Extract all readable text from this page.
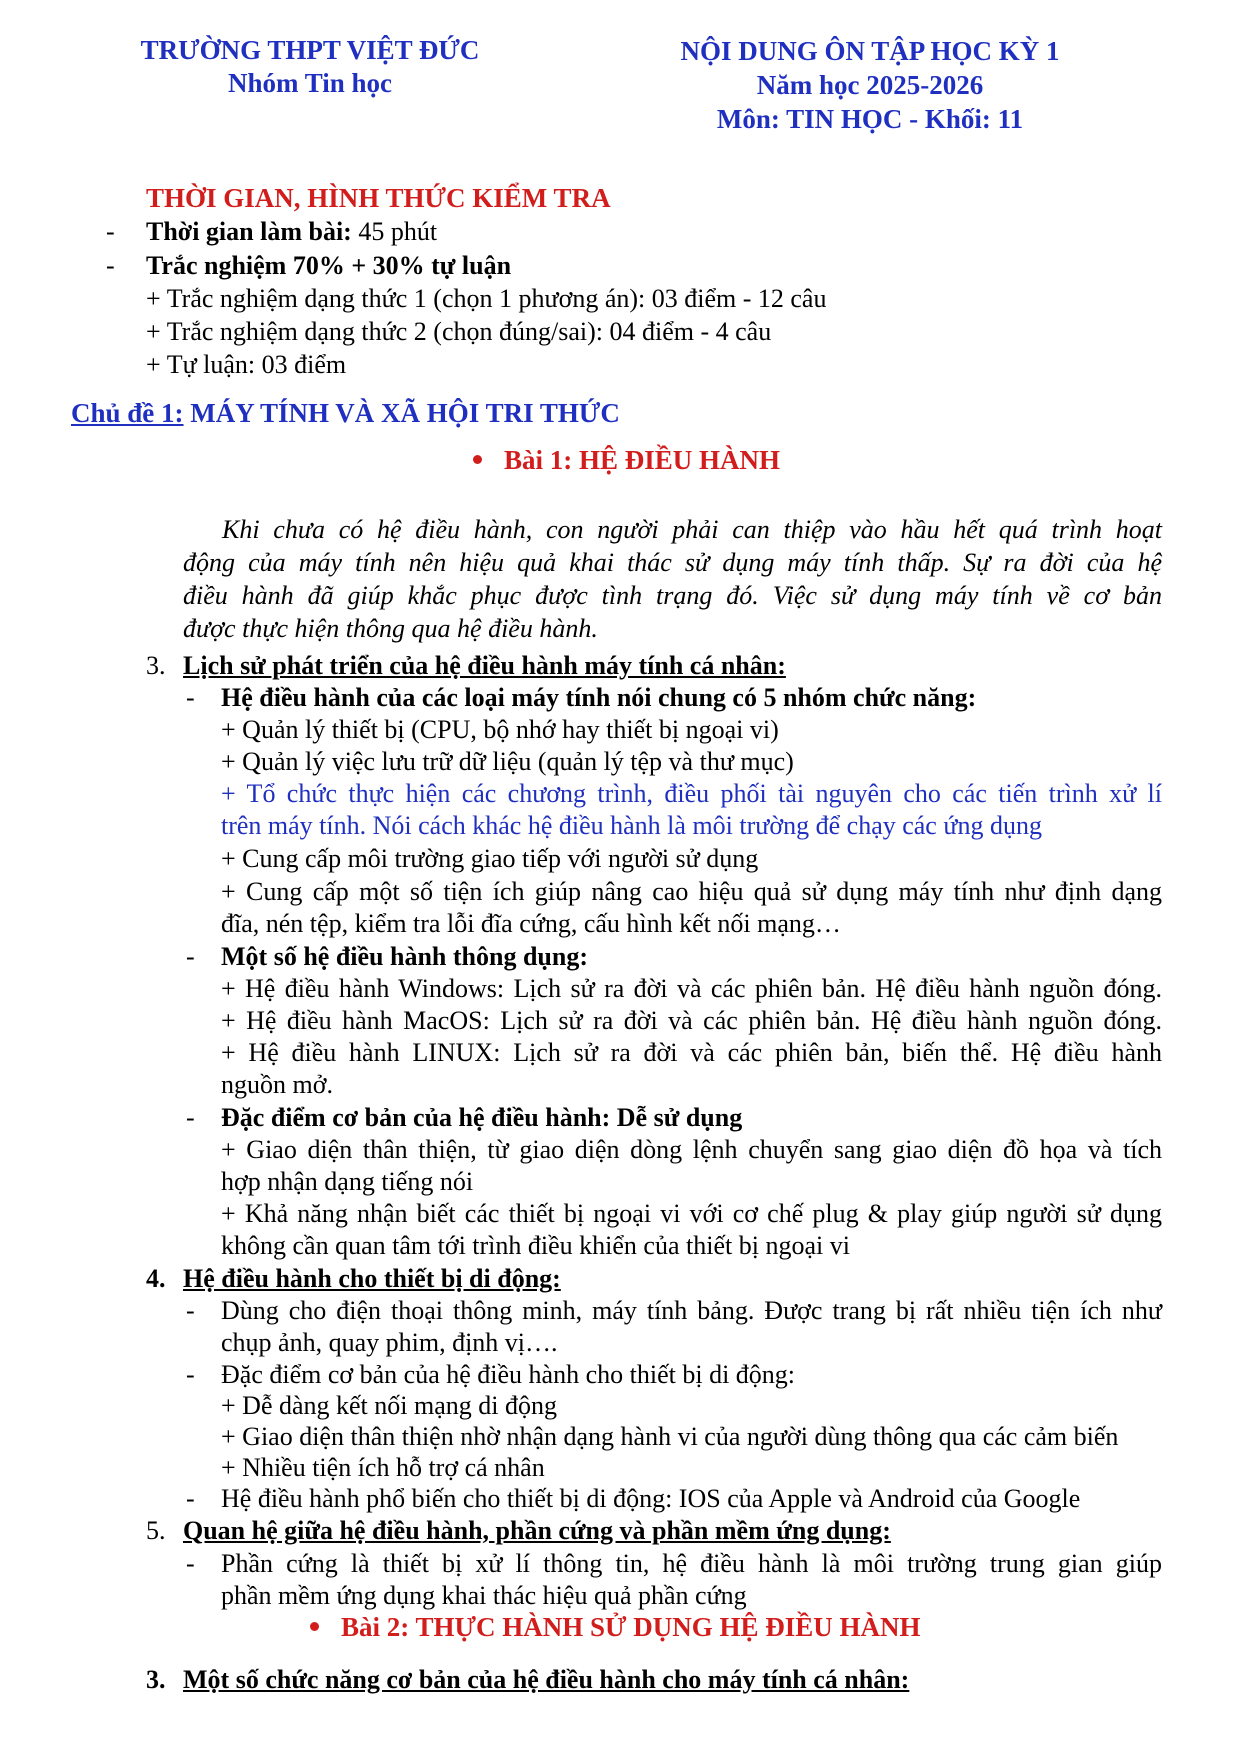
TRƯỜNG THPT VIỆT ĐỨC
Nhóm Tin học
NỘI DUNG ÔN TẬP HỌC KỲ 1
Năm học 2025-2026
Môn: TIN HỌC - Khối: 11
THỜI GIAN, HÌNH THỨC KIỂM TRA
- Thời gian làm bài: 45 phút
- Trắc nghiệm 70% + 30% tự luận
+ Trắc nghiệm dạng thức 1 (chọn 1 phương án): 03 điểm - 12 câu
+ Trắc nghiệm dạng thức 2 (chọn đúng/sai): 04 điểm - 4 câu
+ Tự luận: 03 điểm
Chủ đề 1: MÁY TÍNH VÀ XÃ HỘI TRI THỨC
Bài 1: HỆ ĐIỀU HÀNH
Khi chưa có hệ điều hành, con người phải can thiệp vào hầu hết quá trình hoạt
động của máy tính nên hiệu quả khai thác sử dụng máy tính thấp. Sự ra đời của hệ
điều hành đã giúp khắc phục được tình trạng đó. Việc sử dụng máy tính về cơ bản
được thực hiện thông qua hệ điều hành.
3. Lịch sử phát triển của hệ điều hành máy tính cá nhân:
- Hệ điều hành của các loại máy tính nói chung có 5 nhóm chức năng:
+ Quản lý thiết bị (CPU, bộ nhớ hay thiết bị ngoại vi)
+ Quản lý việc lưu trữ dữ liệu (quản lý tệp và thư mục)
+ Tổ chức thực hiện các chương trình, điều phối tài nguyên cho các tiến trình xử lí
trên máy tính. Nói cách khác hệ điều hành là môi trường để chạy các ứng dụng
+ Cung cấp môi trường giao tiếp với người sử dụng
+ Cung cấp một số tiện ích giúp nâng cao hiệu quả sử dụng máy tính như định dạng
đĩa, nén tệp, kiểm tra lỗi đĩa cứng, cấu hình kết nối mạng…
- Một số hệ điều hành thông dụng:
+ Hệ điều hành Windows: Lịch sử ra đời và các phiên bản. Hệ điều hành nguồn đóng.
+ Hệ điều hành MacOS: Lịch sử ra đời và các phiên bản. Hệ điều hành nguồn đóng.
+ Hệ điều hành LINUX: Lịch sử ra đời và các phiên bản, biến thể. Hệ điều hành
nguồn mở.
- Đặc điểm cơ bản của hệ điều hành: Dễ sử dụng
+ Giao diện thân thiện, từ giao diện dòng lệnh chuyển sang giao diện đồ họa và tích
hợp nhận dạng tiếng nói
+ Khả năng nhận biết các thiết bị ngoại vi với cơ chế plug & play giúp người sử dụng
không cần quan tâm tới trình điều khiển của thiết bị ngoại vi
4. Hệ điều hành cho thiết bị di động:
- Dùng cho điện thoại thông minh, máy tính bảng. Được trang bị rất nhiều tiện ích như
chụp ảnh, quay phim, định vị….
- Đặc điểm cơ bản của hệ điều hành cho thiết bị di động:
+ Dễ dàng kết nối mạng di động
+ Giao diện thân thiện nhờ nhận dạng hành vi của người dùng thông qua các cảm biến
+ Nhiều tiện ích hỗ trợ cá nhân
- Hệ điều hành phổ biến cho thiết bị di động: IOS của Apple và Android của Google
5. Quan hệ giữa hệ điều hành, phần cứng và phần mềm ứng dụng:
- Phần cứng là thiết bị xử lí thông tin, hệ điều hành là môi trường trung gian giúp
phần mềm ứng dụng khai thác hiệu quả phần cứng
Bài 2: THỰC HÀNH SỬ DỤNG HỆ ĐIỀU HÀNH
3. Một số chức năng cơ bản của hệ điều hành cho máy tính cá nhân:
